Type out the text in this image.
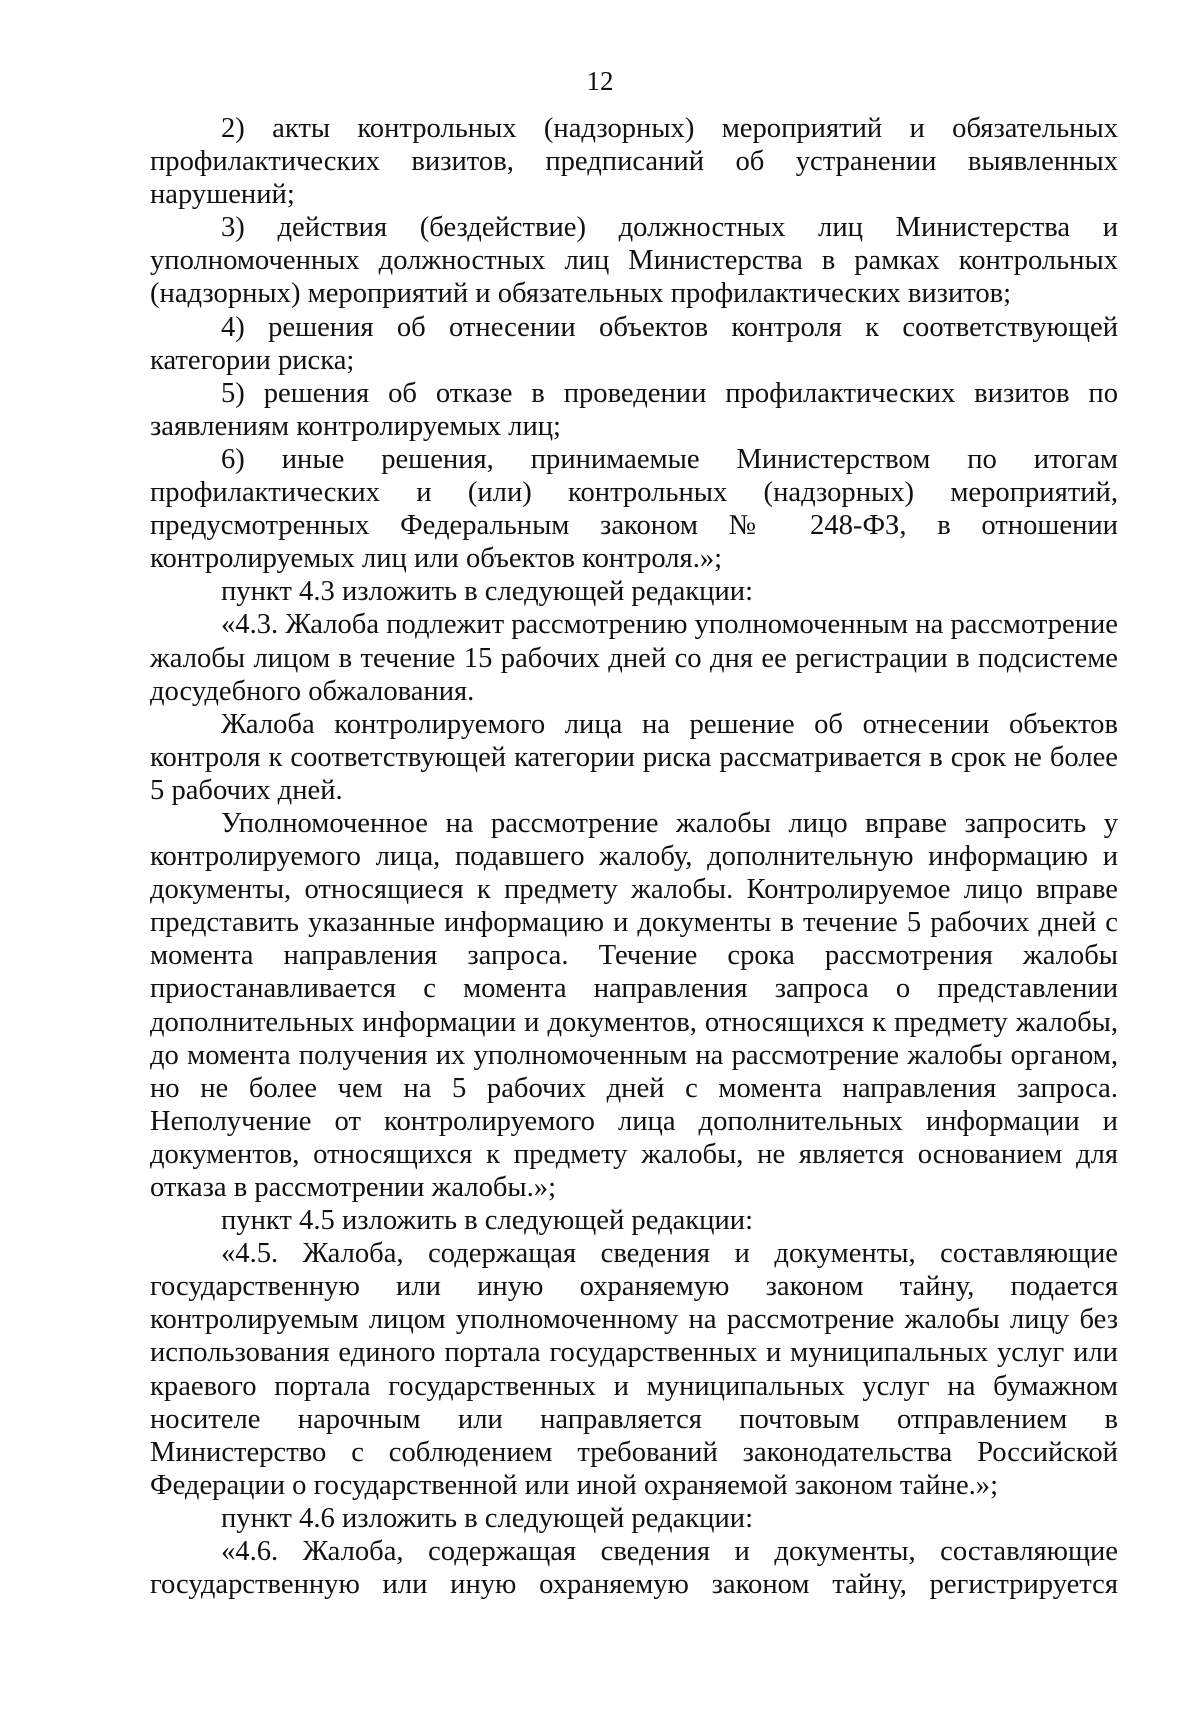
12

2) акты контрольных (надзорных) мероприятий и обязательных профилактических визитов, предписаний об устранении выявленных нарушений;

3) действия (бездействие) должностных лиц Министерства и уполномоченных должностных лиц Министерства в рамках контрольных (надзорных) мероприятий и обязательных профилактических визитов;

4) решения об отнесении объектов контроля к соответствующей категории риска;

5) решения об отказе в проведении профилактических визитов по заявлениям контролируемых лиц;

6) иные решения, принимаемые Министерством по итогам профилактических и (или) контрольных (надзорных) мероприятий, предусмотренных Федеральным законом № 248-ФЗ, в отношении контролируемых лиц или объектов контроля.»;

пункт 4.3 изложить в следующей редакции:

«4.3. Жалоба подлежит рассмотрению уполномоченным на рассмотрение жалобы лицом в течение 15 рабочих дней со дня ее регистрации в подсистеме досудебного обжалования.

Жалоба контролируемого лица на решение об отнесении объектов контроля к соответствующей категории риска рассматривается в срок не более 5 рабочих дней.

Уполномоченное на рассмотрение жалобы лицо вправе запросить у контролируемого лица, подавшего жалобу, дополнительную информацию и документы, относящиеся к предмету жалобы. Контролируемое лицо вправе представить указанные информацию и документы в течение 5 рабочих дней с момента направления запроса. Течение срока рассмотрения жалобы приостанавливается с момента направления запроса о представлении дополнительных информации и документов, относящихся к предмету жалобы, до момента получения их уполномоченным на рассмотрение жалобы органом, но не более чем на 5 рабочих дней с момента направления запроса. Неполучение от контролируемого лица дополнительных информации и документов, относящихся к предмету жалобы, не является основанием для отказа в рассмотрении жалобы.»;

пункт 4.5 изложить в следующей редакции:

«4.5. Жалоба, содержащая сведения и документы, составляющие государственную или иную охраняемую законом тайну, подается контролируемым лицом уполномоченному на рассмотрение жалобы лицу без использования единого портала государственных и муниципальных услуг или краевого портала государственных и муниципальных услуг на бумажном носителе нарочным или направляется почтовым отправлением в Министерство с соблюдением требований законодательства Российской Федерации о государственной или иной охраняемой законом тайне.»;

пункт 4.6 изложить в следующей редакции:

«4.6. Жалоба, содержащая сведения и документы, составляющие государственную или иную охраняемую законом тайну, регистрируется
